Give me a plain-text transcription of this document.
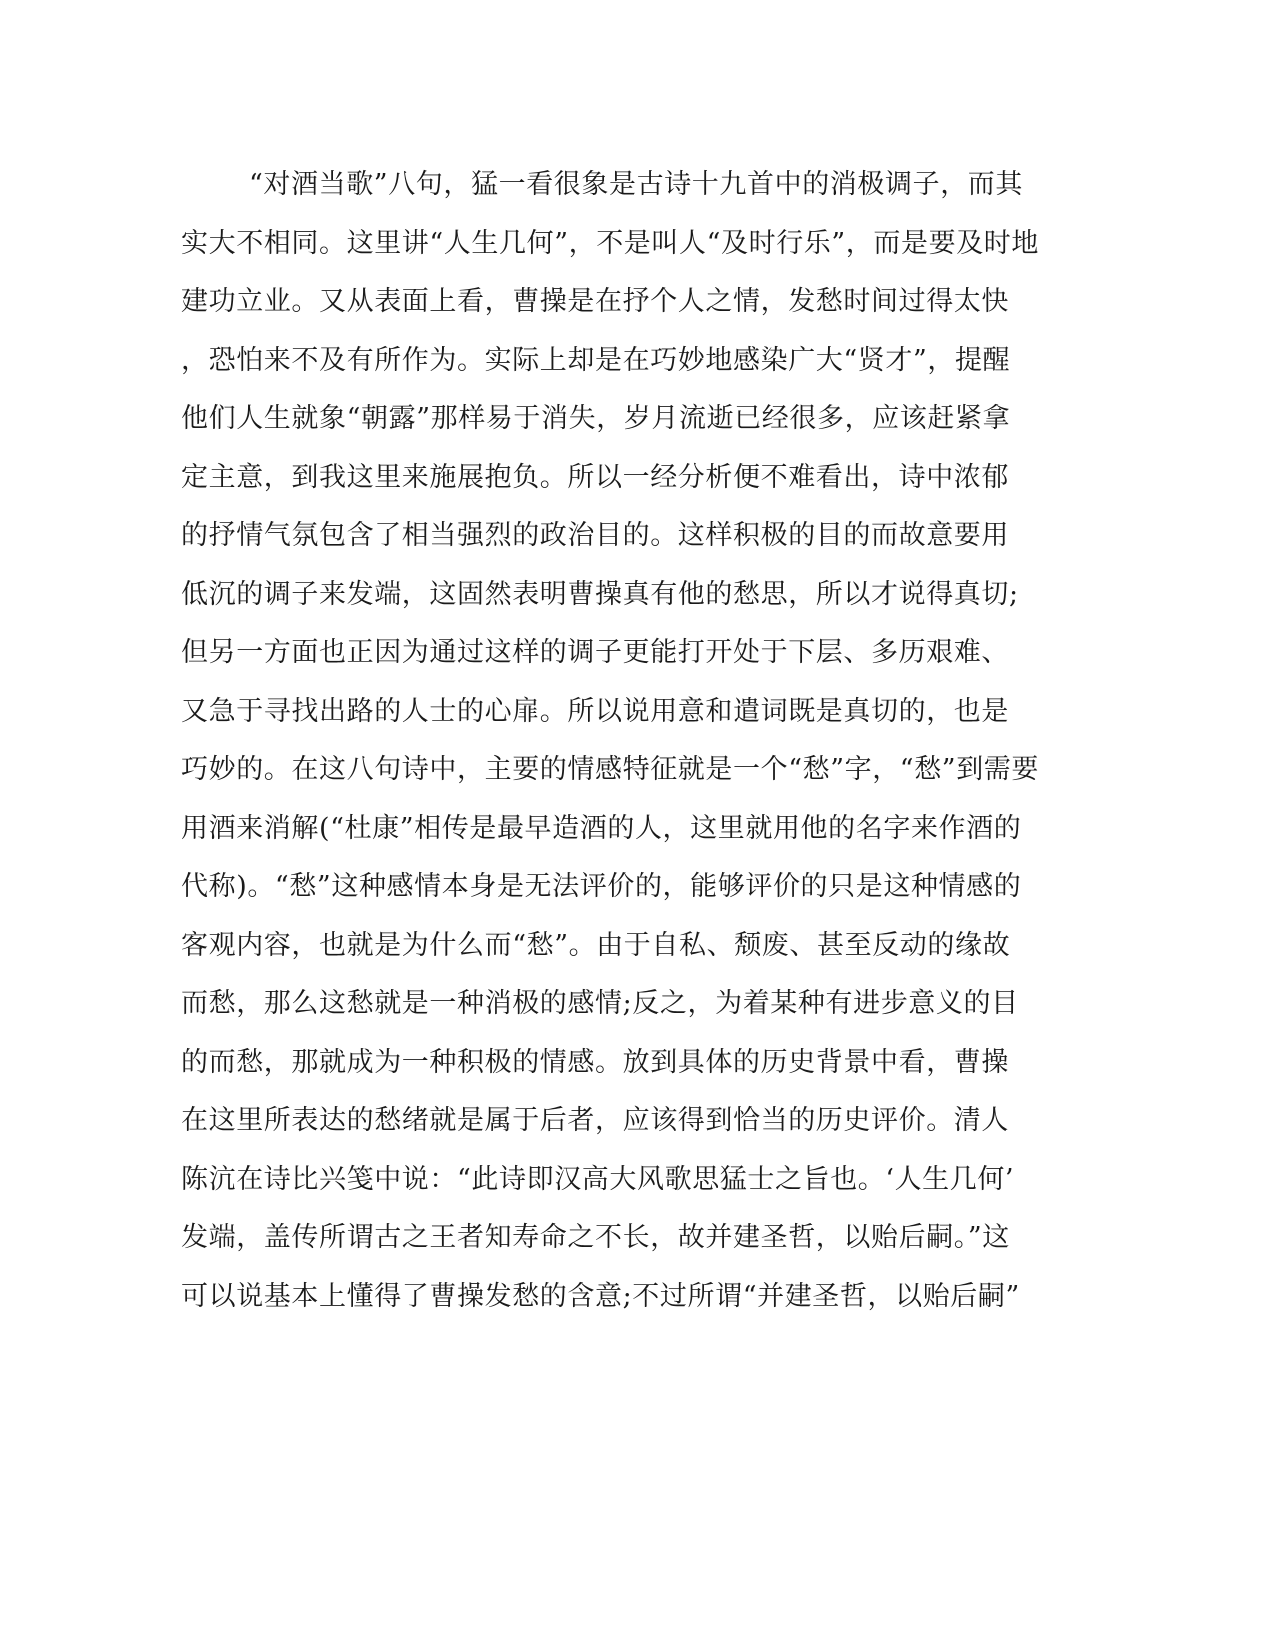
“对酒当歌”八句，猛一看很象是古诗十九首中的消极调子，而其
实大不相同。这里讲“人生几何”，不是叫人“及时行乐”，而是要及时地
建功立业。又从表面上看，曹操是在抒个人之情，发愁时间过得太快
，恐怕来不及有所作为。实际上却是在巧妙地感染广大“贤才”，提醒
他们人生就象“朝露”那样易于消失，岁月流逝已经很多，应该赶紧拿
定主意，到我这里来施展抱负。所以一经分析便不难看出，诗中浓郁
的抒情气氛包含了相当强烈的政治目的。这样积极的目的而故意要用
低沉的调子来发端，这固然表明曹操真有他的愁思，所以才说得真切;
但另一方面也正因为通过这样的调子更能打开处于下层、多历艰难、
又急于寻找出路的人士的心扉。所以说用意和遣词既是真切的，也是
巧妙的。在这八句诗中，主要的情感特征就是一个“愁”字，“愁”到需要
用酒来消解(“杜康”相传是最早造酒的人，这里就用他的名字来作酒的
代称)。“愁”这种感情本身是无法评价的，能够评价的只是这种情感的
客观内容，也就是为什么而“愁”。由于自私、颓废、甚至反动的缘故
而愁，那么这愁就是一种消极的感情;反之，为着某种有进步意义的目
的而愁，那就成为一种积极的情感。放到具体的历史背景中看，曹操
在这里所表达的愁绪就是属于后者，应该得到恰当的历史评价。清人
陈沆在诗比兴笺中说：“此诗即汉高大风歌思猛士之旨也。‘人生几何’
发端，盖传所谓古之王者知寿命之不长，故并建圣哲，以贻后嗣。”这
可以说基本上懂得了曹操发愁的含意;不过所谓“并建圣哲，以贻后嗣”
